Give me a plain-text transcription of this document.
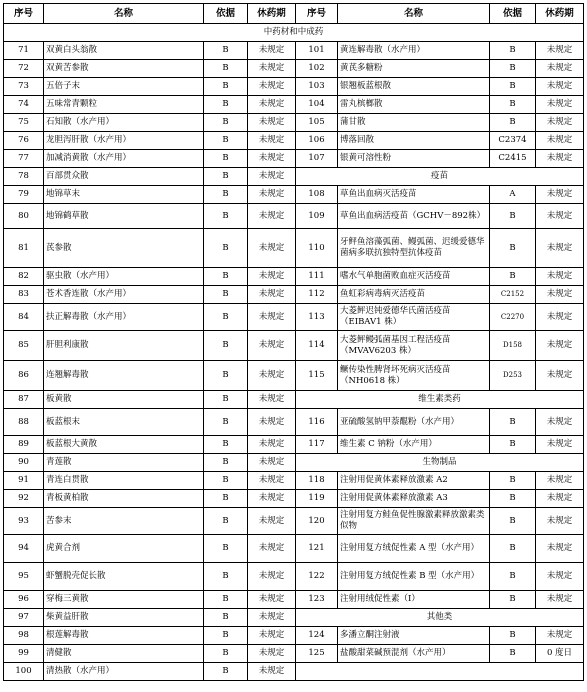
序号	名称	依据	休药期	序号	名称	依据	休药期
中药材和中成药							
71	双黄白头翁散	B	未规定	101	黄连解毒散（水产用）	B	未规定
72	双黄苦参散	B	未规定	102	黄芪多糖粉	B	未规定
73	五倍子末	B	未规定	103	银翘板蓝根散	B	未规定
74	五味常青颗粒	B	未规定	104	雷丸槟榔散	B	未规定
75	石知散（水产用）	B	未规定	105	蒲甘散	B	未规定
76	龙胆泻肝散（水产用）	B	未规定	106	博落回散	C2374	未规定
77	加减消黄散（水产用）	B	未规定	107	银黄可溶性粉	C2415	未规定
78	百部贯众散	B	未规定	疫苗			
79	地锦草末	B	未规定	108	草鱼出血病灭活疫苗	A	未规定
80	地锦鹤草散	B	未规定	109	草鱼出血病活疫苗（GCHV－892株）	B	未规定
81	芪参散	B	未规定	110	牙鲆鱼溶藻弧菌、鳗弧菌、迟缓爱德华菌病多联抗独特型抗体疫苗	B	未规定
82	驱虫散（水产用）	B	未规定	111	嗜水气单胞菌败血症灭活疫苗	B	未规定
83	苍术香连散（水产用）	B	未规定	112	鱼虹彩病毒病灭活疫苗	C2152	未规定
84	扶正解毒散（水产用）	B	未规定	113	大菱鲆迟钝爱德华氏菌活疫苗（EIBAV1 株）	C2270	未规定
85	肝胆利康散	B	未规定	114	大菱鲆鳗弧菌基因工程活疫苗（MVAV6203 株）	D158	未规定
86	连翘解毒散	B	未规定	115	鳜传染性脾肾坏死病灭活疫苗（NH0618 株）	D253	未规定
87	板黄散	B	未规定	维生素类药			
88	板蓝根末	B	未规定	116	亚硫酸氢钠甲萘醌粉（水产用）	B	未规定
89	板蓝根大黄散	B	未规定	117	维生素 C 钠粉（水产用）	B	未规定
90	青莲散	B	未规定	生物制品			
91	青连白贯散	B	未规定	118	注射用促黄体素释放激素 A2	B	未规定
92	青板黄柏散	B	未规定	119	注射用促黄体素释放激素 A3	B	未规定
93	苦参末	B	未规定	120	注射用复方鲑鱼促性腺激素释放激素类似物	B	未规定
94	虎黄合剂	B	未规定	121	注射用复方绒促性素 A 型（水产用）	B	未规定
95	虾蟹脱壳促长散	B	未规定	122	注射用复方绒促性素 B 型（水产用）	B	未规定
96	穿梅三黄散	B	未规定	123	注射用绒促性素（I）	B	未规定
97	柴黄益肝散	B	未规定	其他类			
98	根莲解毒散	B	未规定	124	多潘立酮注射液	B	未规定
99	清健散	B	未规定	125	盐酸甜菜碱预混剂（水产用）	B	0 度日
100	清热散（水产用）	B	未规定				
